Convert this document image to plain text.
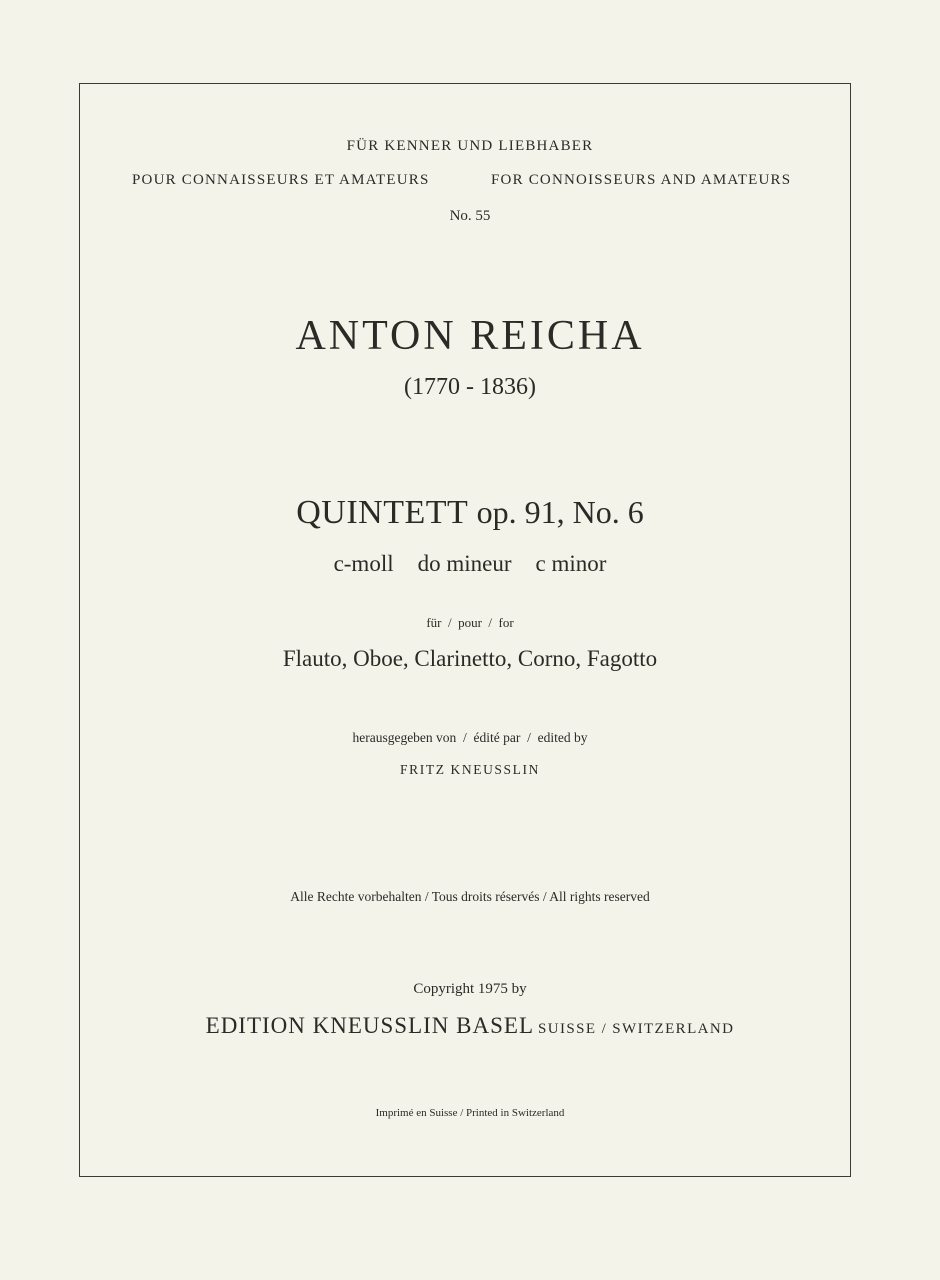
FÜR KENNER UND LIEBHABER
POUR CONNAISSEURS ET AMATEURS	FOR CONNOISSEURS AND AMATEURS
No. 55
ANTON REICHA
(1770 - 1836)
QUINTETT op. 91, No. 6
c-moll do mineur c minor
für  /  pour  /  for
Flauto, Oboe, Clarinetto, Corno, Fagotto
herausgegeben von  /  édité par  /  edited by
FRITZ KNEUSSLIN
Alle Rechte vorbehalten / Tous droits réservés / All rights reserved
Copyright 1975 by
EDITION KNEUSSLIN BASEL SUISSE / SWITZERLAND
Imprimé en Suisse / Printed in Switzerland
